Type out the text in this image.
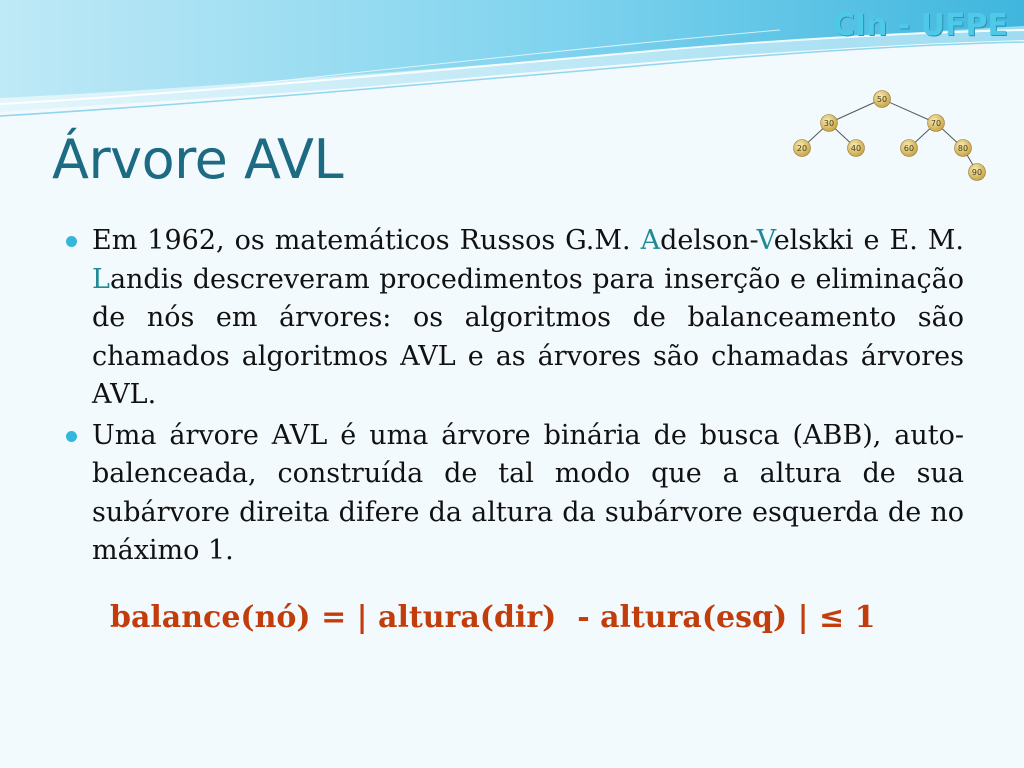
CIn - UFPE
Árvore AVL
50
30	70
20	40	60	80
90
Em 1962, os matemáticos Russos G.M. Adelson-Velskki e E. M. Landis descreveram procedimentos para inserção e eliminação de nós em árvores: os algoritmos de balanceamento são chamados algoritmos AVL e as árvores são chamadas árvores AVL.
Uma árvore AVL é uma árvore binária de busca (ABB), auto-balenceada, construída de tal modo que a altura de sua subárvore direita difere da altura da subárvore esquerda de no máximo 1.
balance(nó) = | altura(dir)  - altura(esq) | ≤ 1
